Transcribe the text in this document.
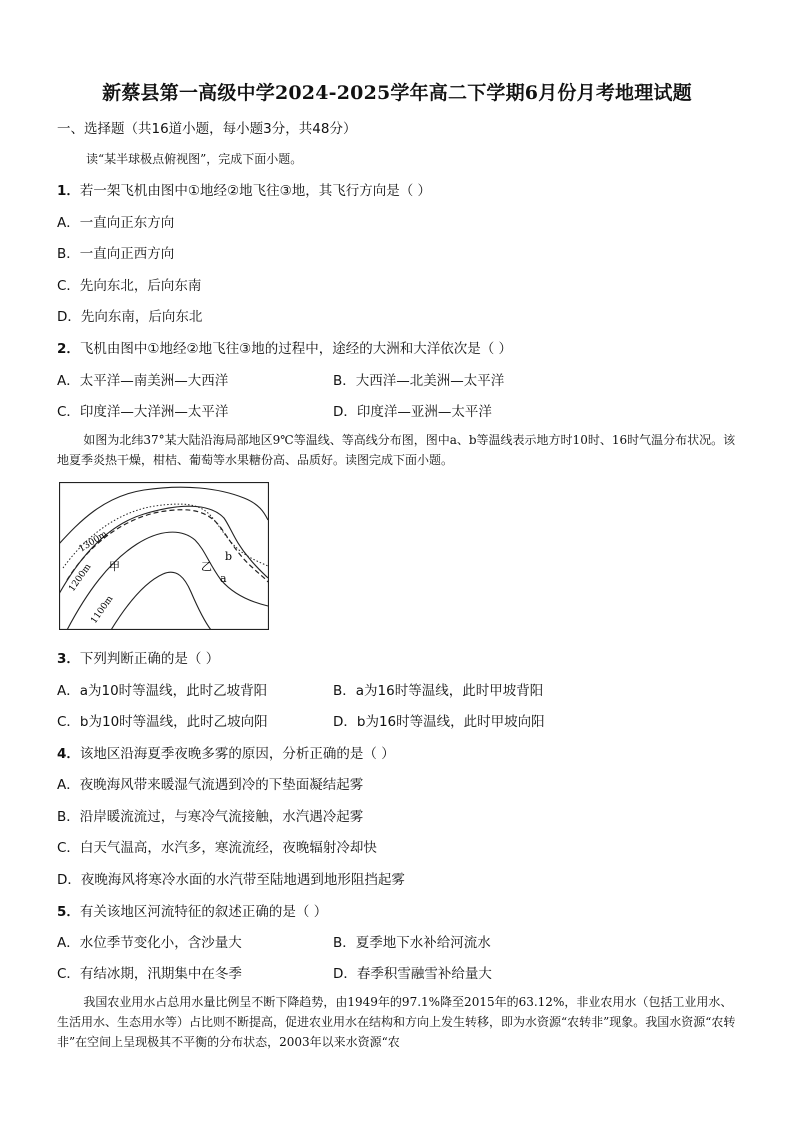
新蔡县第一高级中学2024-2025学年高二下学期6月份月考地理试题
一、选择题（共16道小题，每小题3分，共48分）
读“某半球极点俯视图”，完成下面小题。
1．若一架飞机由图中①地经②地飞往③地，其飞行方向是（ ）
A．一直向正东方向
B．一直向正西方向
C．先向东北，后向东南
D．先向东南，后向东北
2．飞机由图中①地经②地飞往③地的过程中，途经的大洲和大洋依次是（ ）
A．太平洋—南美洲—大西洋	B．大西洋—北美洲—太平洋
C．印度洋—大洋洲—太平洋	D．印度洋—亚洲—太平洋
如图为北纬37°某大陆沿海局部地区9℃等温线、等高线分布图，图中a、b等温线表示地方时10时、16时气温分布状况。该地夏季炎热干燥，柑桔、葡萄等水果糖份高、品质好。读图完成下面小题。
1300m
1200m
1100m
甲	乙
a
b
3．下列判断正确的是（ ）
A．a为10时等温线，此时乙坡背阳	B．a为16时等温线，此时甲坡背阳
C．b为10时等温线，此时乙坡向阳	D．b为16时等温线，此时甲坡向阳
4．该地区沿海夏季夜晚多雾的原因，分析正确的是（ ）
A．夜晚海风带来暖湿气流遇到冷的下垫面凝结起雾
B．沿岸暖流流过，与寒冷气流接触，水汽遇冷起雾
C．白天气温高，水汽多，寒流流经，夜晚辐射冷却快
D．夜晚海风将寒冷水面的水汽带至陆地遇到地形阻挡起雾
5．有关该地区河流特征的叙述正确的是（ ）
A．水位季节变化小，含沙量大	B．夏季地下水补给河流水
C．有结冰期，汛期集中在冬季	D．春季积雪融雪补给量大
我国农业用水占总用水量比例呈不断下降趋势，由1949年的97.1%降至2015年的63.12%，非业农用水（包括工业用水、生活用水、生态用水等）占比则不断提高，促进农业用水在结构和方向上发生转移，即为水资源“农转非”现象。我国水资源“农转非”在空间上呈现极其不平衡的分布状态，2003年以来水资源“农
